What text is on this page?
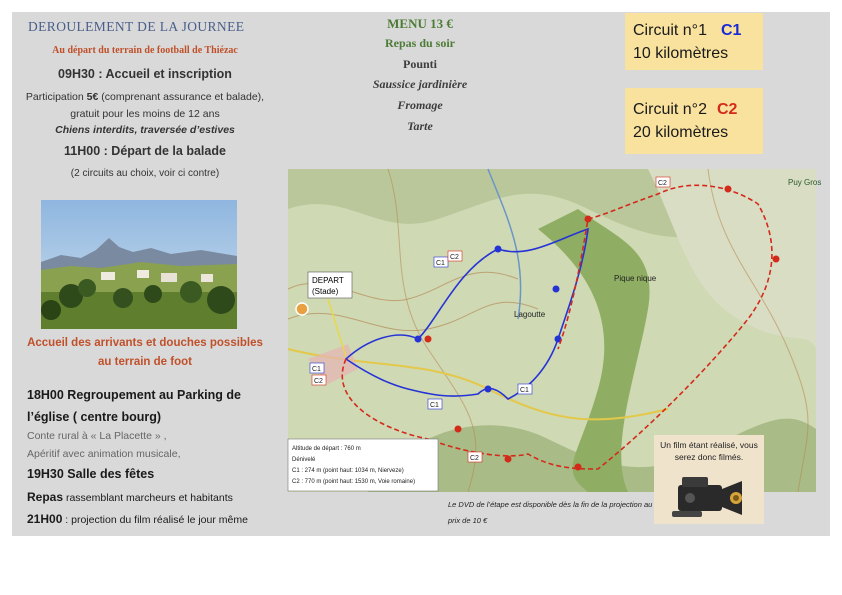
DEROULEMENT DE LA JOURNEE
Au départ du terrain de football de Thiézac
09H30 : Accueil et inscription
Participation 5€ (comprenant assurance et balade), gratuit pour les moins de 12 ans
Chiens interdits, traversée d’estives
11H00 : Départ de la balade
(2 circuits au choix, voir ci contre)
Accueil des arrivants et douches possibles au terrain de foot
18H00 Regroupement au Parking de l’église ( centre bourg)
Conte rural à « La Placette » ,
Apéritif avec animation musicale,
19H30 Salle des fêtes
Repas rassemblant marcheurs et habitants
21H00 : projection du film réalisé le jour même
MENU 13 €
Repas du soir
Pounti
Saussice jardinière
Fromage
Tarte
Circuit n°1 C1
10 kilomètres
Circuit n°2 C2
20 kilomètres
DEPART
(Stade)
C1
C2
C1
C2
C1
C1
C2
C2
Pique nique
Lagoutte
Puy Gros
Altitude de départ : 760 m
Dénivelé
C1 : 274 m (point haut: 1034 m, Nierveze)
C2 : 770 m (point haut: 1530 m, Voie romaine)
Le DVD de l’étape est disponible dès la fin de la projection au prix de 10 €
Un film étant réalisé, vous serez donc filmés.
